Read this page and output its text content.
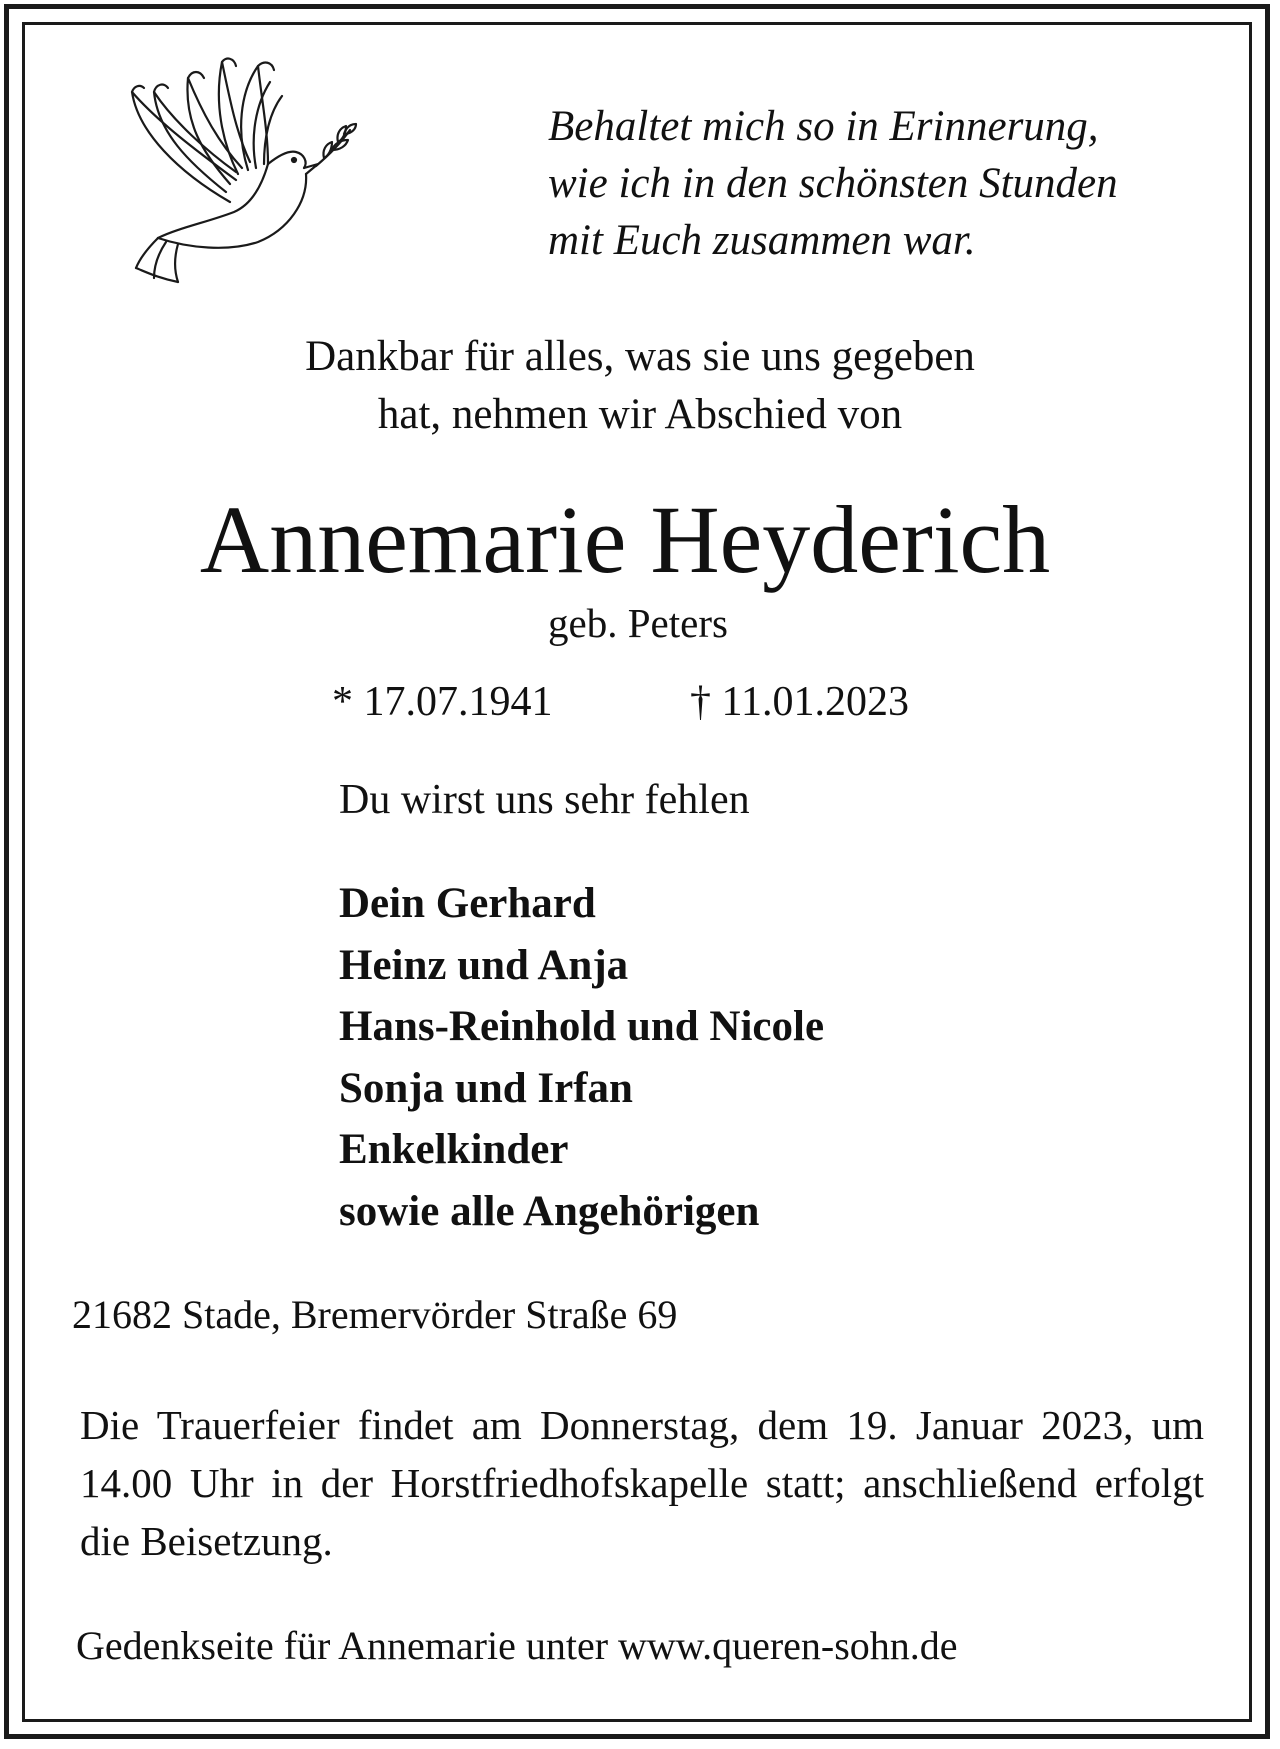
Behaltet mich so in Erinnerung,
wie ich in den schönsten Stunden
mit Euch zusammen war.
Dankbar für alles, was sie uns gegeben
hat, nehmen wir Abschied von
Annemarie Heyderich
geb. Peters
* 17.07.1941	† 11.01.2023
Du wirst uns sehr fehlen
Dein Gerhard
Heinz und Anja
Hans-Reinhold und Nicole
Sonja und Irfan
Enkelkinder
sowie alle Angehörigen
21682 Stade, Bremervörder Straße 69
Die Trauerfeier findet am Donnerstag, dem 19. Januar 2023, um 14.00 Uhr in der Horstfriedhofskapelle statt; anschließend erfolgt die Beisetzung.
Gedenkseite für Annemarie unter www.queren-sohn.de
